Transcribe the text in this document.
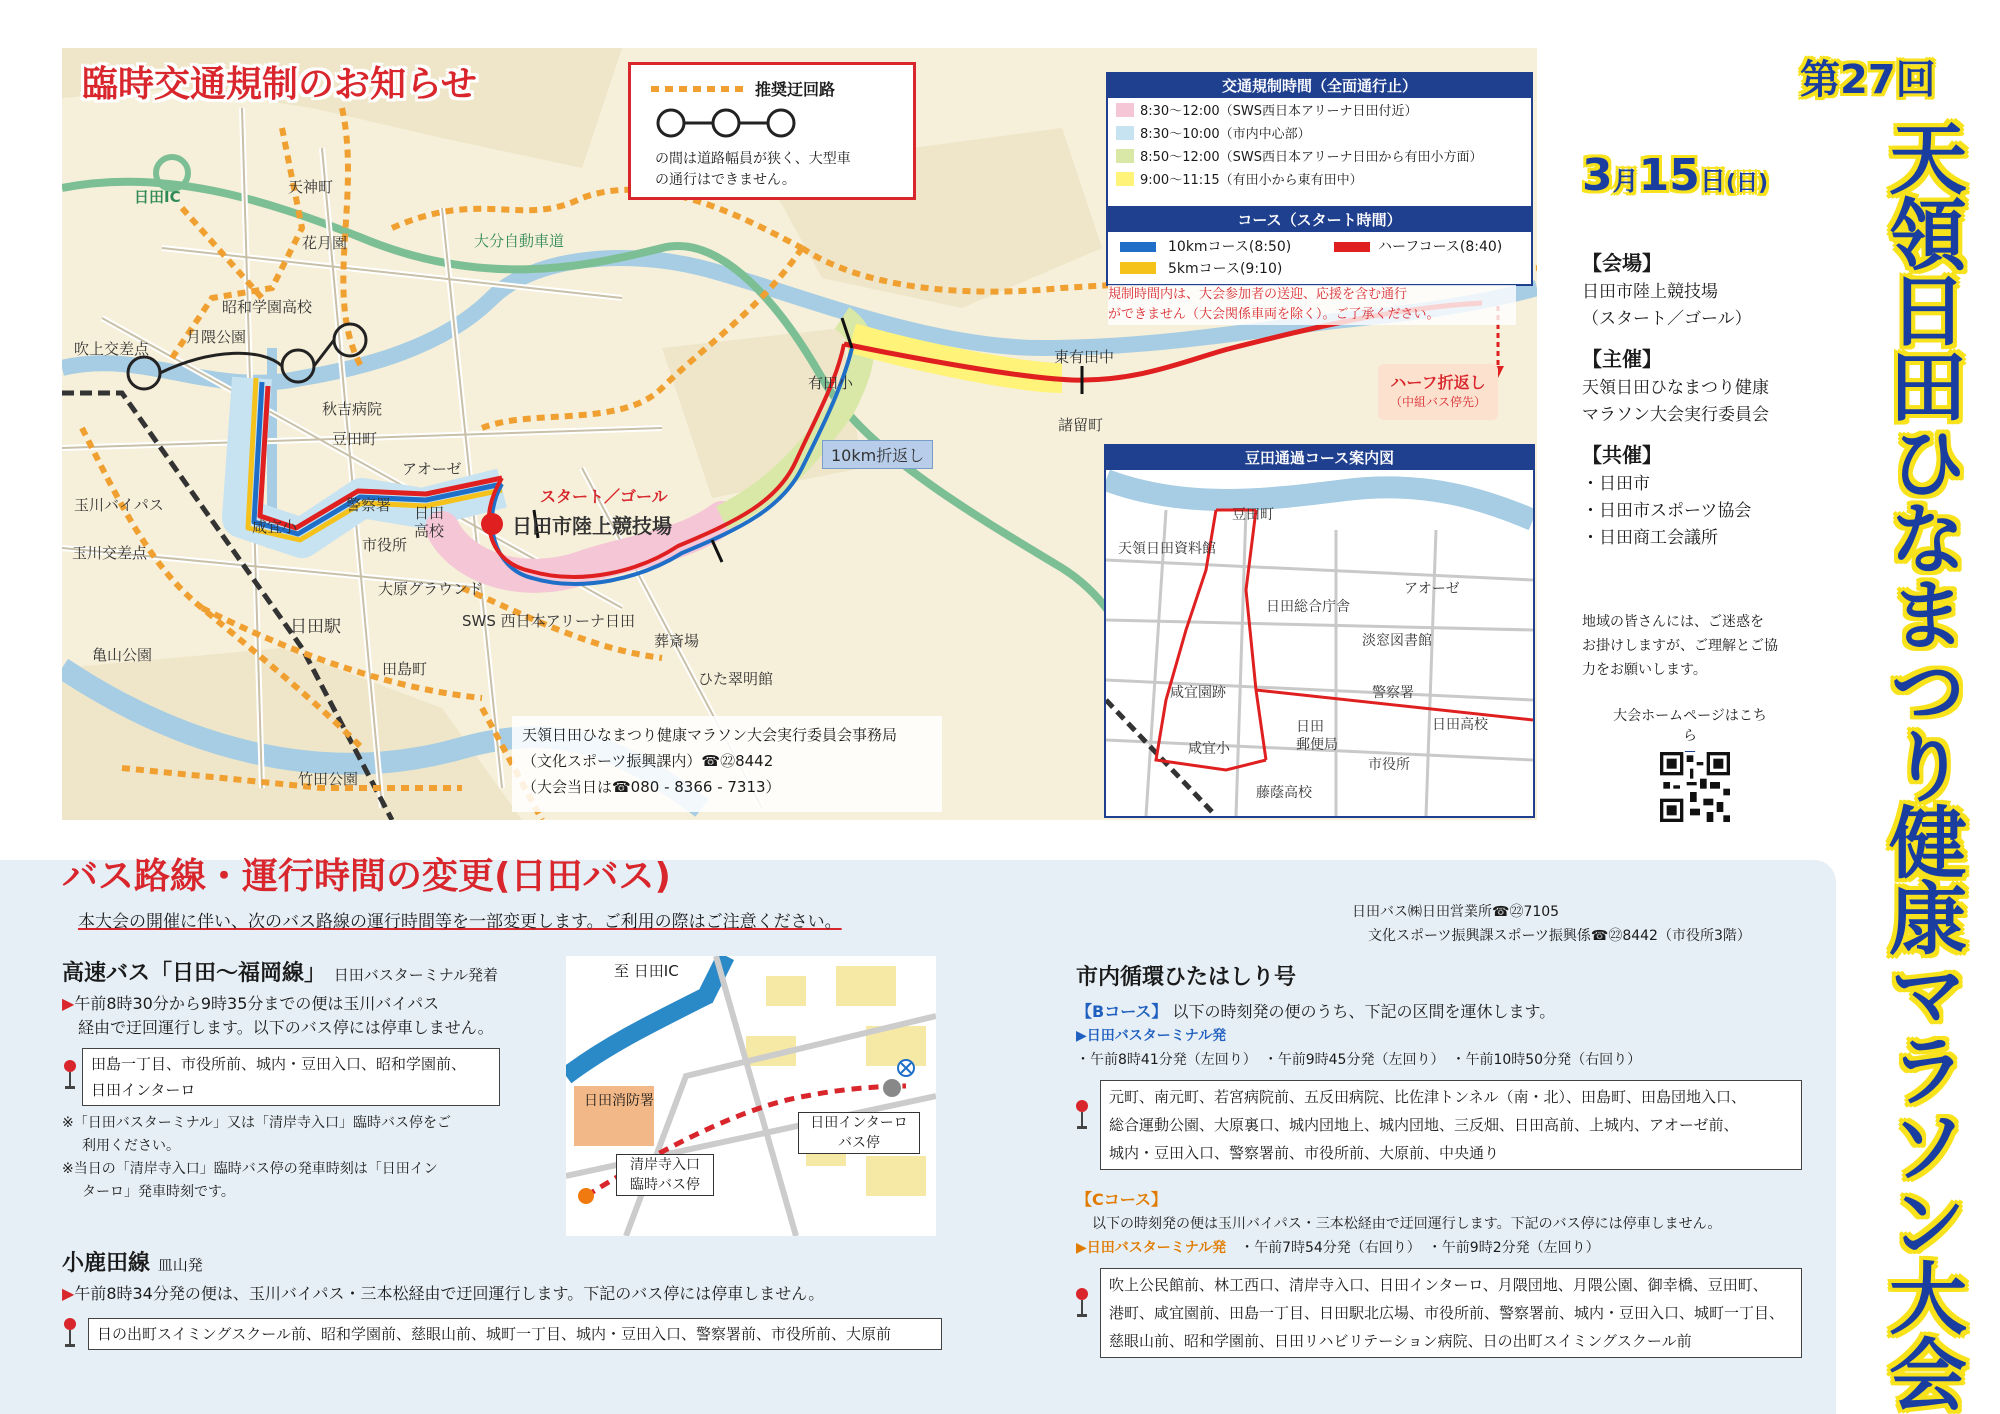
臨時交通規制のお知らせ	推奨迂回路
の間は道路幅員が狭く、大型車
の通行はできません。
交通規制時間（全面通行止）
8:30〜12:00（SWS西日本アリーナ日田付近）
8:30〜10:00（市内中心部）
8:50〜12:00（SWS西日本アリーナ日田から有田小方面）
9:00〜11:15（有田小から東有田中）
コース（スタート時間）
10kmコース(8:50)	ハーフコース(8:40)
5kmコース(9:10)
規制時間内は、大会参加者の送迎、応援を含む通行
ができません（大会関係車両を除く）。ご了承ください。
天神町
日田IC
大分自動車道
花月園
昭和学園高校
吹上交差点
月隈公園
秋吉病院
豆田町
アオーゼ
玉川バイパス
玉川交差点
警察署 日田高校
咸宜小
市役所
大原グラウンド
日田駅
亀山公園
田島町
竹田公園
スタート／ゴール
日田市陸上競技場
SWS 西日本アリーナ日田
葬斎場
ひた翠明館
有田小
10km折返し
東有田中
諸留町
ハーフ折返し
（中組バス停先）
天領日田ひなまつり健康マラソン大会実行委員会事務局
（文化スポーツ振興課内）☎㉒8442
（大会当日は☎080 - 8366 - 7313）
豆田通過コース案内図
豆田町
天領日田資料館
アオーゼ
日田総合庁舎
淡窓図書館
咸宜園跡	警察署
日田高校
咸宜小
日田
郵便局
市役所
藤蔭高校
第27回
天領日田ひなまつり健康マラソン大会
3月15日(日)
【会場】
日田市陸上競技場
（スタート／ゴール）
【主催】
天領日田ひなまつり健康
マラソン大会実行委員会
【共催】
・日田市
・日田市スポーツ協会
・日田商工会議所
地域の皆さんには、ご迷惑を
お掛けしますが、ご理解とご協
力をお願いします。
大会ホームページはこちら
バス路線・運行時間の変更(日田バス)
本大会の開催に伴い、次のバス路線の運行時間等を一部変更します。ご利用の際はご注意ください。	日田バス㈱日田営業所☎㉒7105
文化スポーツ振興課スポーツ振興係☎㉒8442（市役所3階）
高速バス「日田〜福岡線」 日田バスターミナル発着
▶午前8時30分から9時35分までの便は玉川バイパス
経由で迂回運行します。以下のバス停には停車しません。
田島一丁目、市役所前、城内・豆田入口、昭和学園前、
日田インターロ
※「日田バスターミナル」又は「清岸寺入口」臨時バス停をご
利用ください。
※当日の「清岸寺入口」臨時バス停の発車時刻は「日田イン
ターロ」発車時刻です。
至 日田IC
日田消防署
日田インターロ
バス停
清岸寺入口
臨時バス停
小鹿田線 皿山発
▶午前8時34分発の便は、玉川バイパス・三本松経由で迂回運行します。下記のバス停には停車しません。
日の出町スイミングスクール前、昭和学園前、慈眼山前、城町一丁目、城内・豆田入口、警察署前、市役所前、大原前
市内循環ひたはしり号
【Bコース】 以下の時刻発の便のうち、下記の区間を運休します。
▶日田バスターミナル発
・午前8時41分発（左回り）　・午前9時45分発（左回り）　・午前10時50分発（右回り）
元町、南元町、若宮病院前、五反田病院、比佐津トンネル（南・北）、田島町、田島団地入口、
総合運動公園、大原裏口、城内団地上、城内団地、三反畑、日田高前、上城内、アオーゼ前、
城内・豆田入口、警察署前、市役所前、大原前、中央通り
【Cコース】
以下の時刻発の便は玉川バイパス・三本松経由で迂回運行します。下記のバス停には停車しません。
▶日田バスターミナル発　 ・午前7時54分発（右回り）　・午前9時2分発（左回り）
吹上公民館前、林工西口、清岸寺入口、日田インターロ、月隈団地、月隈公園、御幸橋、豆田町、
港町、咸宜園前、田島一丁目、日田駅北広場、市役所前、警察署前、城内・豆田入口、城町一丁目、
慈眼山前、昭和学園前、日田リハビリテーション病院、日の出町スイミングスクール前
